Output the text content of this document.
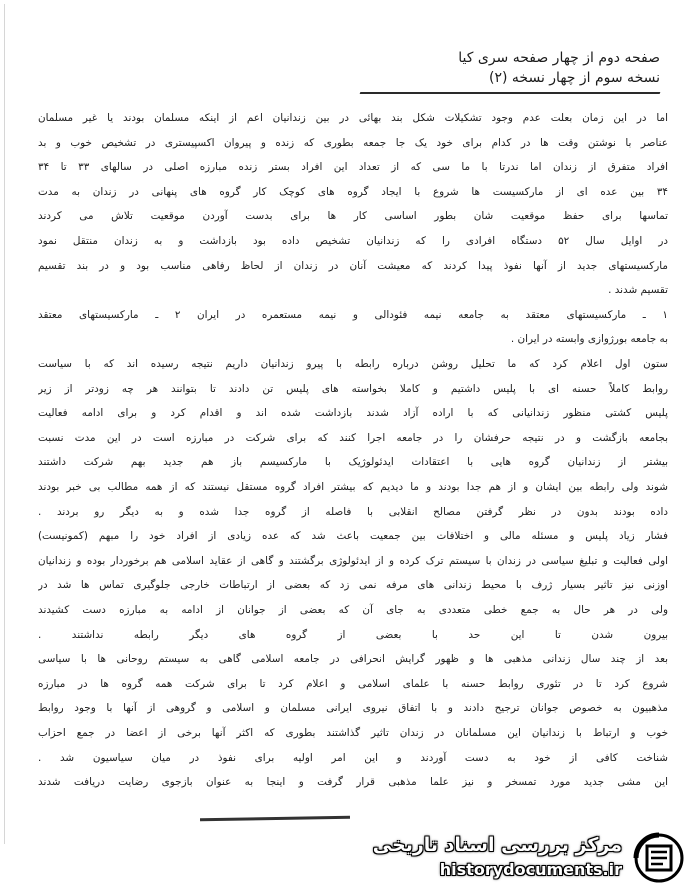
صفحه دوم از چهار صفحه سری کیا
نسخه سوم از چهار نسخه (۲)
اما در این زمان بعلت عدم وجود تشکیلات شکل بند بهائی در بین زندانیان اعم از اینکه مسلمان بودند یا غیر مسلمان
عناصر با نوشتن وقت ها در کدام برای خود یک جا جمعه بطوری که زنده و پیروان اکسپیستری در تشخیص خوب و بد
افراد متفرق از زندان اما ندرتا با ما سی که از تعداد این افراد بستر زنده مبارزه اصلی در سالهای ۳۳ تا ۳۴
۳۴ بین عده ای از مارکسیست ها شروع با ایجاد گروه های کوچک کار گروه های پنهانی در زندان به مدت
تماسها برای حفظ موقعیت شان بطور اساسی کار ها برای بدست آوردن موقعیت تلاش می کردند
در اوایل سال ۵۲ دستگاه افرادی را که زندانیان تشخیص داده بود بازداشت و به زندان منتقل نمود
مارکسیستهای جدید از آنها نفوذ پیدا کردند که معیشت آنان در زندان از لحاظ رفاهی مناسب بود و در بند تقسیم
تقسیم شدند .
۱ ـ مارکسیستهای معتقد به جامعه نیمه فئودالی و نیمه مستعمره در ایران ۲ ـ مارکسیستهای معتقد
به جامعه بورژوازی وابسته در ایران .
ستون اول اعلام کرد که ما تحلیل روشن درباره رابطه با پیرو زندانیان داریم نتیجه رسیده اند که با سیاست
روابط کاملاً حسنه ای با پلیس داشتیم و کاملا بخواسته های پلیس تن دادند تا بتوانند هر چه زودتر از زیر
پلیس کشتی منظور زندانیانی که با اراده آزاد شدند بازداشت شده اند و اقدام کرد و برای ادامه فعالیت
بجامعه بازگشت و در نتیجه حرفشان را در جامعه اجرا کنند که برای شرکت در مبارزه است در این مدت نسبت
بیشتر از زندانیان گروه هایی با اعتقادات ایدئولوژیک با مارکسیسم باز هم جدید بهم شرکت داشتند
شوند ولی رابطه بین ایشان و از هم جدا بودند و ما دیدیم که بیشتر افراد گروه مستقل نیستند که از همه مطالب بی خبر بودند
داده بودند بدون در نظر گرفتن مصالح انقلابی با فاصله از گروه جدا شده و به دیگر رو بردند .
فشار زیاد پلیس و مسئله مالی و اختلافات بین جمعیت باعث شد که عده زیادی از افراد خود را مبهم (کمونیست)
اولی فعالیت و تبلیغ سیاسی در زندان با سیستم ترک کرده و از ایدئولوژی برگشتند و گاهی از عقاید اسلامی هم برخوردار بوده و زندانیان
اوزنی نیز تاثیر بسیار ژرف با محیط زندانی های مرفه نمی زد که بعضی از ارتباطات خارجی جلوگیری تماس ها شد در
ولی در هر حال به جمع خطی متعددی به جای آن که بعضی از جوانان از ادامه به مبارزه دست کشیدند
بیرون شدن تا این حد با بعضی از گروه های دیگر رابطه نداشتند .
بعد از چند سال زندانی مذهبی ها و ظهور گرایش انحرافی در جامعه اسلامی گاهی به سیستم روحانی ها با سیاسی
شروع کرد تا در تئوری روابط حسنه با علمای اسلامی و اعلام کرد تا برای شرکت همه گروه ها در مبارزه
مذهبیون به خصوص جوانان ترجیح دادند و با اتفاق نیروی ایرانی مسلمان و اسلامی و گروهی از آنها با وجود روابط
خوب و ارتباط با زندانیان این مسلمانان در زندان تاثیر گذاشتند بطوری که اکثر آنها برخی از اعضا در جمع احزاب
شناخت کافی از خود به دست آوردند و این امر اولیه برای نفوذ در میان سیاسیون شد .
این مشی جدید مورد تمسخر و نیز علما مذهبی قرار گرفت و اینجا به عنوان بازجوی رضایت دریافت شدند
مرکز بررسی اسناد تاریخی
historydocuments.ir
